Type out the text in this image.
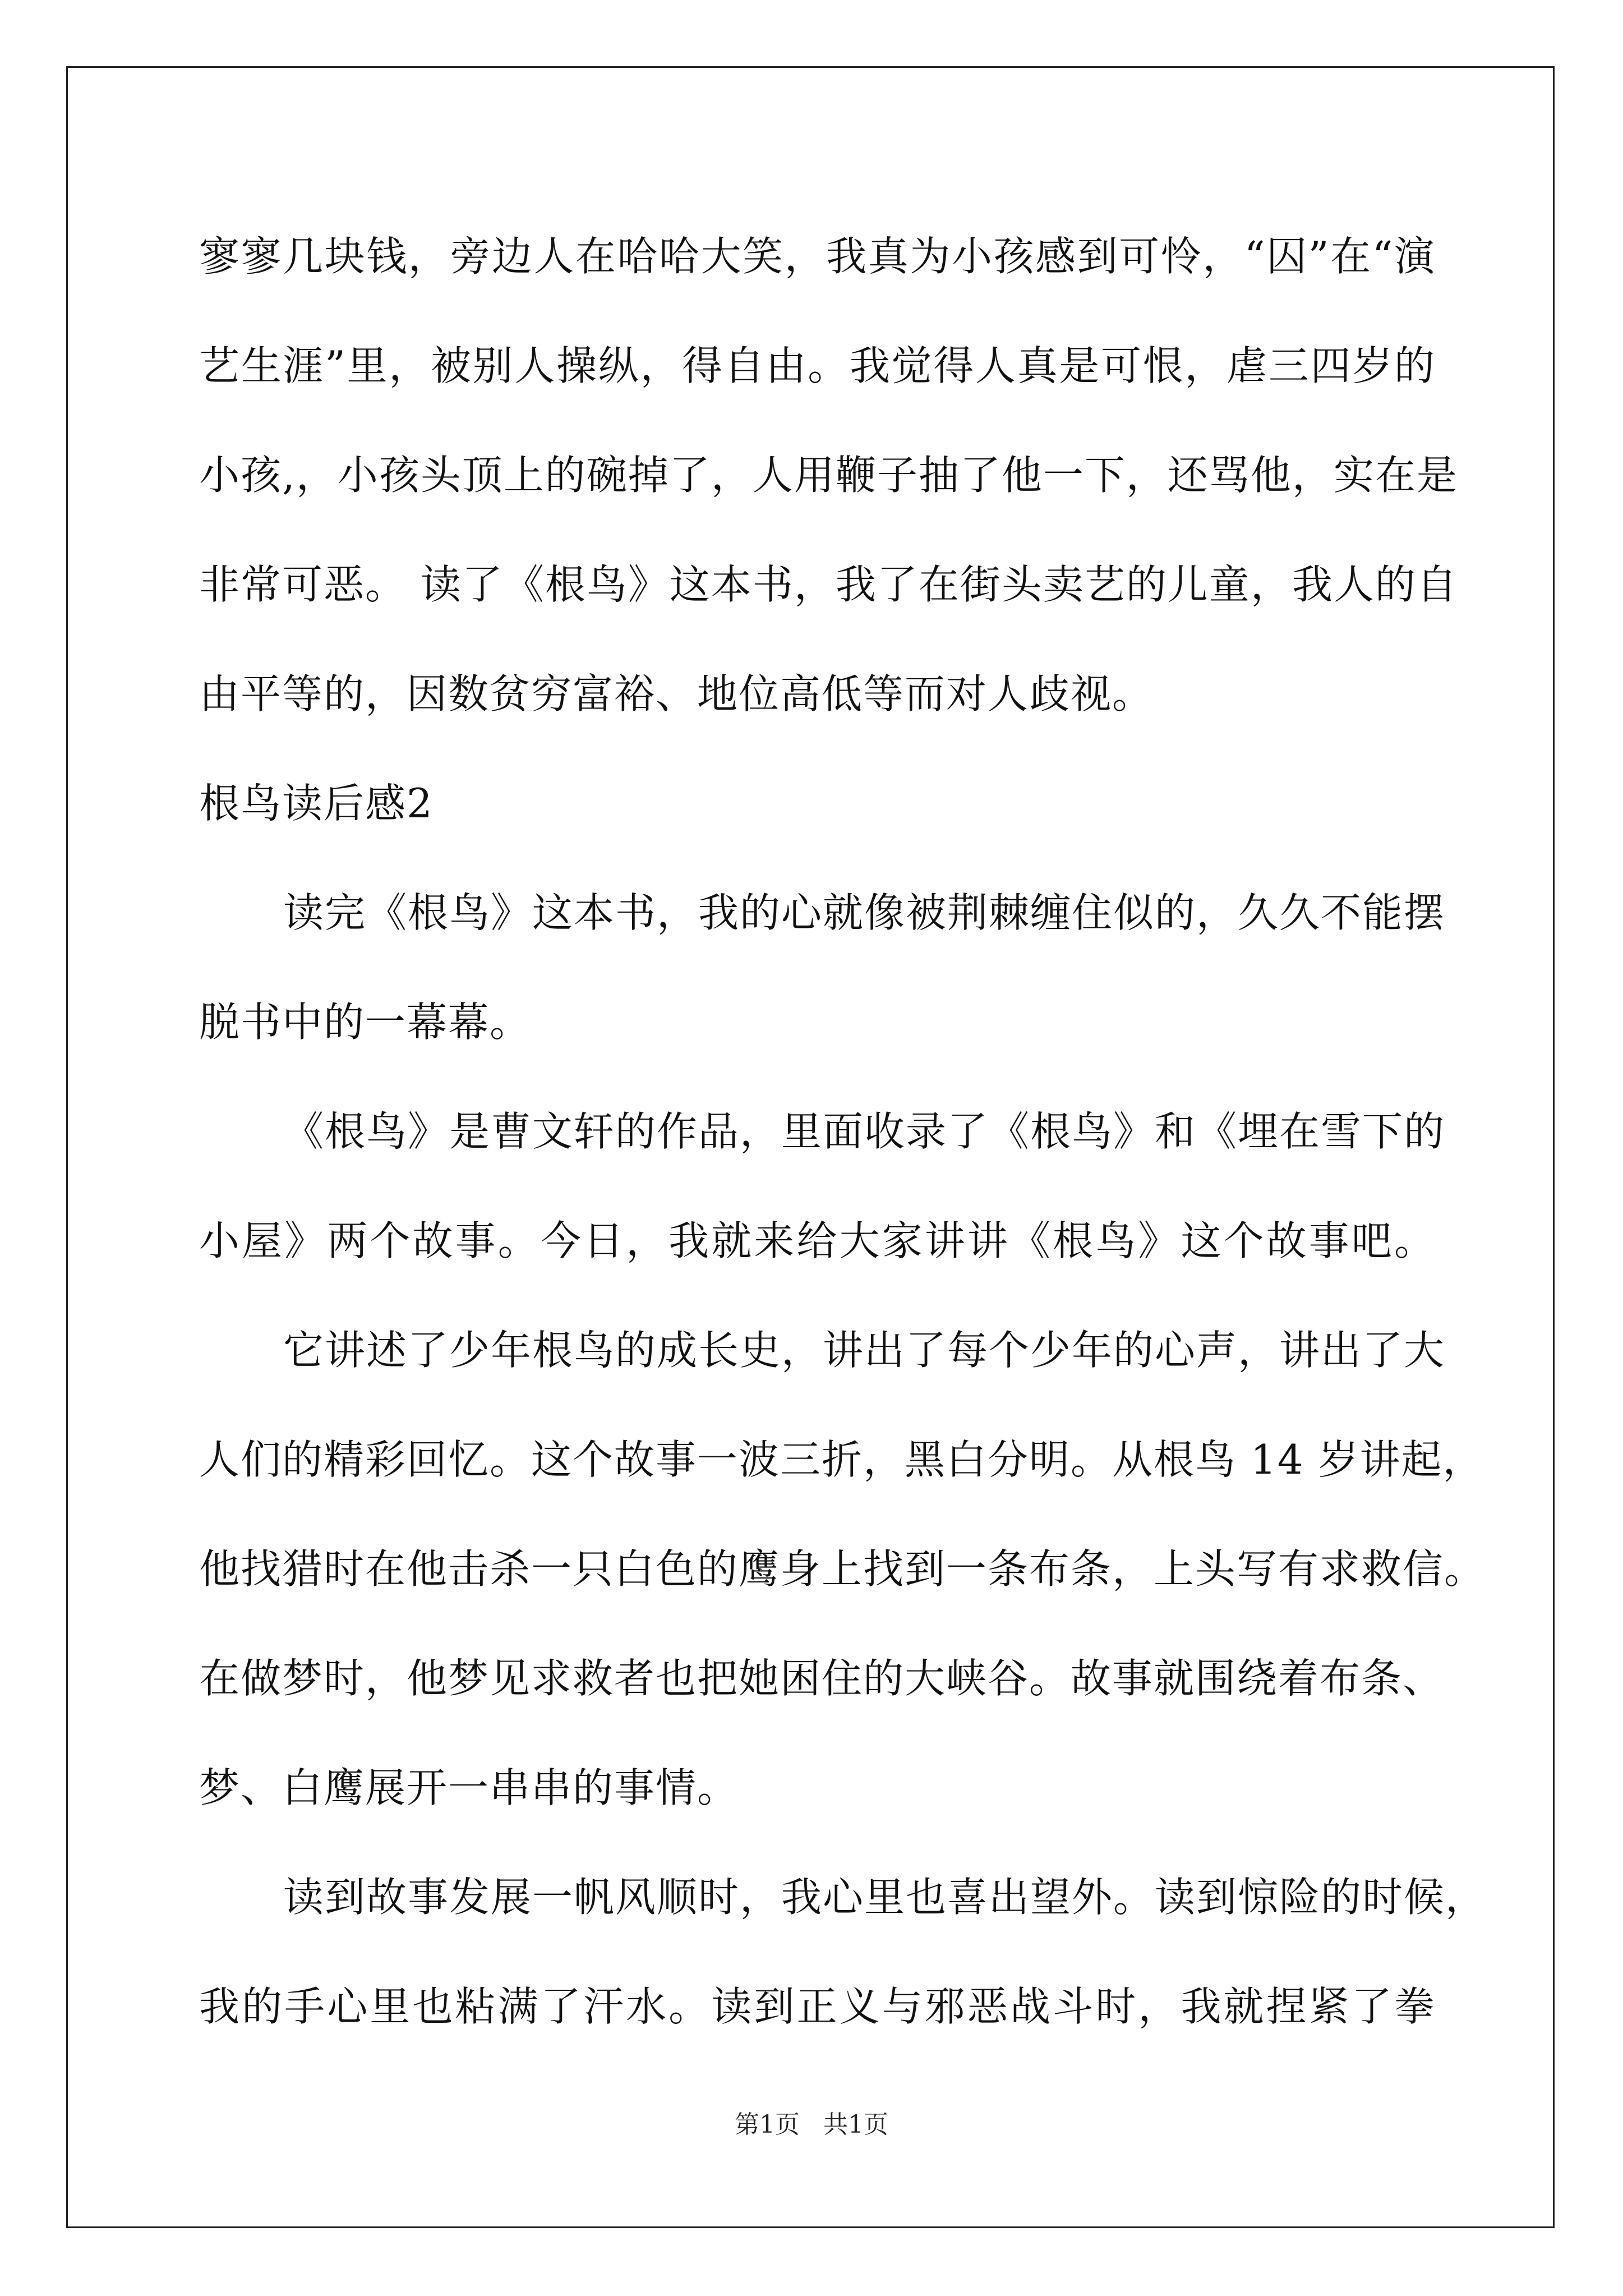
寥寥几块钱，旁边人在哈哈大笑，我真为小孩感到可怜，“囚”在“演
艺生涯”里，被别人操纵，得自由。我觉得人真是可恨，虐三四岁的
小孩,，小孩头顶上的碗掉了，人用鞭子抽了他一下，还骂他，实在是
非常可恶。 读了《根鸟》这本书，我了在街头卖艺的儿童，我人的自
由平等的，因数贫穷富裕、地位高低等而对人歧视。
根鸟读后感2
读完《根鸟》这本书，我的心就像被荆棘缠住似的，久久不能摆
脱书中的一幕幕。
《根鸟》是曹文轩的作品，里面收录了《根鸟》和《埋在雪下的
小屋》两个故事。今日，我就来给大家讲讲《根鸟》这个故事吧。
它讲述了少年根鸟的成长史，讲出了每个少年的心声，讲出了大
人们的精彩回忆。这个故事一波三折，黑白分明。从根鸟 14 岁讲起，
他找猎时在他击杀一只白色的鹰身上找到一条布条，上头写有求救信。
在做梦时，他梦见求救者也把她困住的大峡谷。故事就围绕着布条、
梦、白鹰展开一串串的事情。
读到故事发展一帆风顺时，我心里也喜出望外。读到惊险的时候，
我的手心里也粘满了汗水。读到正义与邪恶战斗时，我就捏紧了拳
第1页 共1页
